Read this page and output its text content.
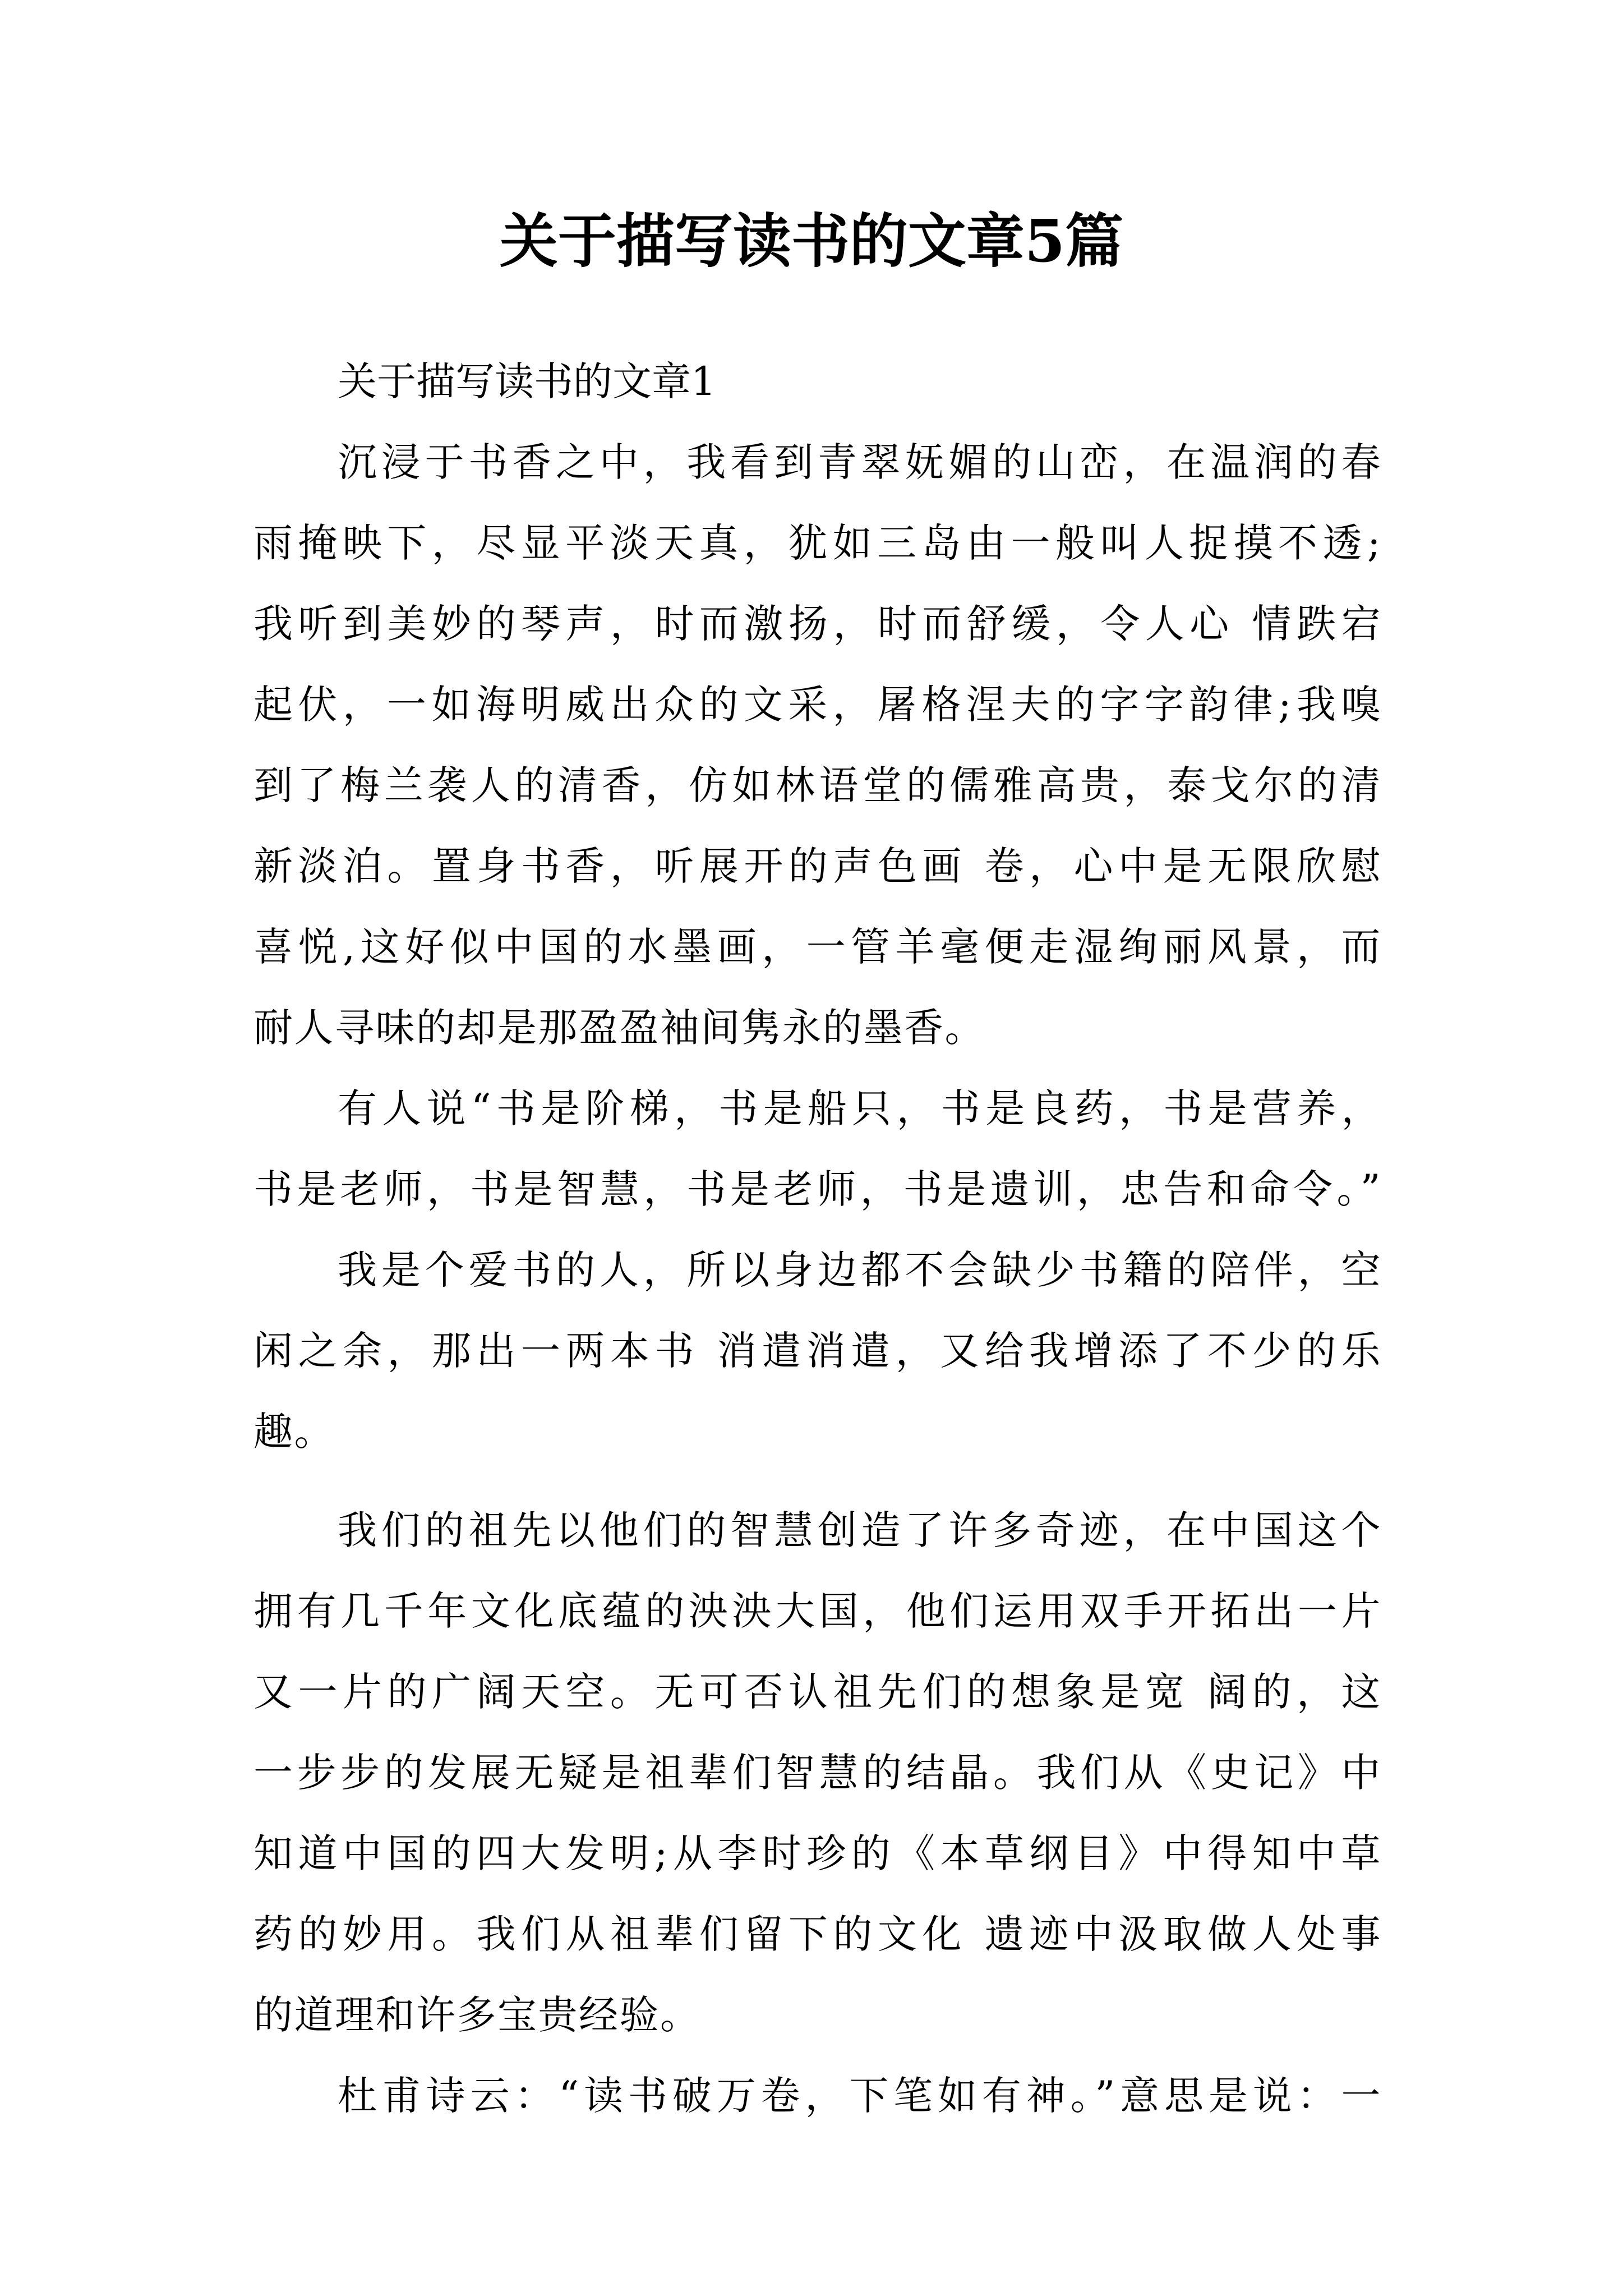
关于描写读书的文章5篇

关于描写读书的文章1

沉浸于书香之中，我看到青翠妩媚的山峦，在温润的春
雨掩映下，尽显平淡天真，犹如三岛由一般叫人捉摸不透;
我听到美妙的琴声，时而激扬，时而舒缓，令人心 情跌宕
起伏，一如海明威出众的文采，屠格涅夫的字字韵律;我嗅
到了梅兰袭人的清香，仿如林语堂的儒雅高贵，泰戈尔的清
新淡泊。置身书香，听展开的声色画 卷，心中是无限欣慰
喜悦,这好似中国的水墨画，一管羊毫便走湿绚丽风景，而
耐人寻味的却是那盈盈袖间隽永的墨香。

有人说“书是阶梯，书是船只，书是良药，书是营养，
书是老师，书是智慧，书是老师，书是遗训，忠告和命令。”

我是个爱书的人，所以身边都不会缺少书籍的陪伴，空
闲之余，那出一两本书 消遣消遣，又给我增添了不少的乐
趣。

我们的祖先以他们的智慧创造了许多奇迹，在中国这个
拥有几千年文化底蕴的泱泱大国，他们运用双手开拓出一片
又一片的广阔天空。无可否认祖先们的想象是宽 阔的，这
一步步的发展无疑是祖辈们智慧的结晶。我们从《史记》中
知道中国的四大发明;从李时珍的《本草纲目》中得知中草
药的妙用。我们从祖辈们留下的文化 遗迹中汲取做人处事
的道理和许多宝贵经验。

杜甫诗云：“读书破万卷，下笔如有神。”意思是说：一
